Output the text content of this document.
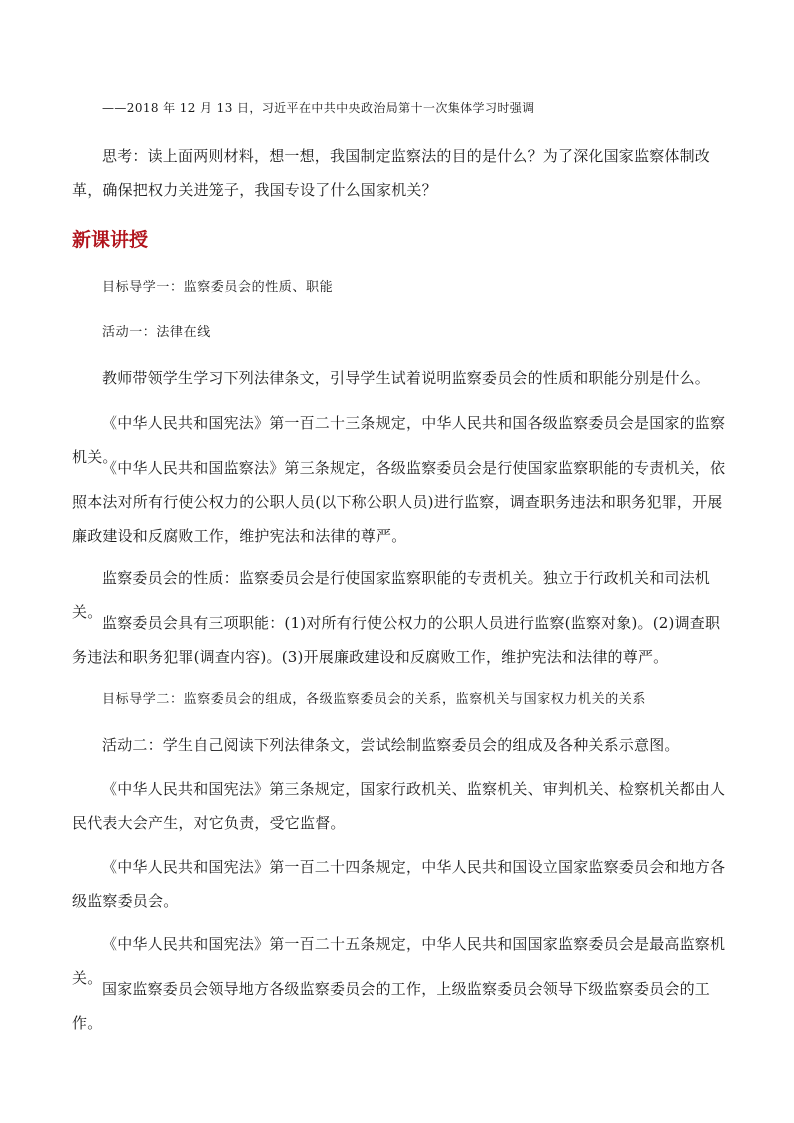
——2018 年 12 月 13 日，习近平在中共中央政治局第十一次集体学习时强调
思考：读上面两则材料，想一想，我国制定监察法的目的是什么？为了深化国家监察体制改革，确保把权力关进笼子，我国专设了什么国家机关？
新课讲授
目标导学一：监察委员会的性质、职能
活动一：法律在线
教师带领学生学习下列法律条文，引导学生试着说明监察委员会的性质和职能分别是什么。
《中华人民共和国宪法》第一百二十三条规定，中华人民共和国各级监察委员会是国家的监察机关。
《中华人民共和国监察法》第三条规定，各级监察委员会是行使国家监察职能的专责机关，依照本法对所有行使公权力的公职人员(以下称公职人员)进行监察，调查职务违法和职务犯罪，开展廉政建设和反腐败工作，维护宪法和法律的尊严。
监察委员会的性质：监察委员会是行使国家监察职能的专责机关。独立于行政机关和司法机关。
监察委员会具有三项职能：(1)对所有行使公权力的公职人员进行监察(监察对象)。(2)调查职务违法和职务犯罪(调查内容)。(3)开展廉政建设和反腐败工作，维护宪法和法律的尊严。
目标导学二：监察委员会的组成，各级监察委员会的关系，监察机关与国家权力机关的关系
活动二：学生自己阅读下列法律条文，尝试绘制监察委员会的组成及各种关系示意图。
《中华人民共和国宪法》第三条规定，国家行政机关、监察机关、审判机关、检察机关都由人民代表大会产生，对它负责，受它监督。
《中华人民共和国宪法》第一百二十四条规定，中华人民共和国设立国家监察委员会和地方各级监察委员会。
《中华人民共和国宪法》第一百二十五条规定，中华人民共和国国家监察委员会是最高监察机关。
国家监察委员会领导地方各级监察委员会的工作，上级监察委员会领导下级监察委员会的工作。
